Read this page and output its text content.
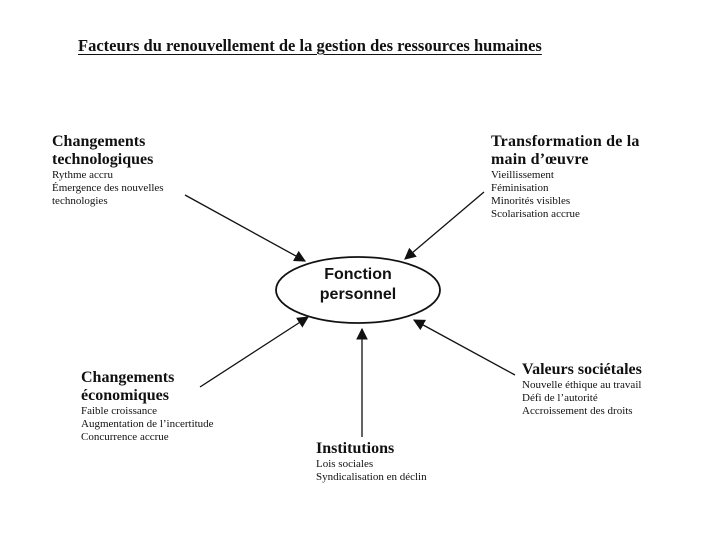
Facteurs du renouvellement de la gestion des ressources humaines
Fonction
personnel
Changements
technologiques
Rythme accru
Émergence des nouvelles
technologies
Transformation de la
main d’œuvre
Vieillissement
Féminisation
Minorités visibles
Scolarisation accrue
Changements
économiques
Faible croissance
Augmentation de l’incertitude
Concurrence accrue
Valeurs sociétales
Nouvelle éthique au travail
Défi de l’autorité
Accroissement des droits
Institutions
Lois sociales
Syndicalisation en déclin
